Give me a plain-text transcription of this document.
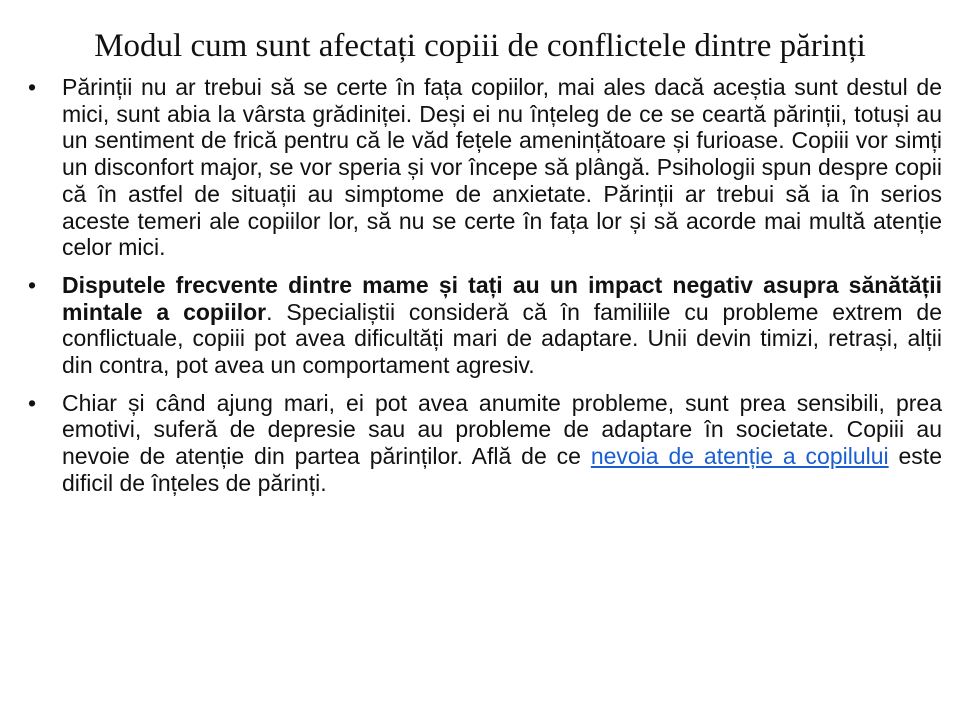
Modul cum sunt afectați copiii de conflictele dintre părinți
• Părinții nu ar trebui să se certe în fața copiilor, mai ales dacă aceștia sunt destul de mici, sunt abia la vârsta grădiniței. Deși ei nu înțeleg de ce se ceartă părinții, totuși au un sentiment de frică pentru că le văd fețele amenințătoare și furioase. Copiii vor simți un disconfort major, se vor speria și vor începe să plângă. Psihologii spun despre copii că în astfel de situații au simptome de anxietate. Părinții ar trebui să ia în serios aceste temeri ale copiilor lor, să nu se certe în fața lor și să acorde mai multă atenție celor mici.
• Disputele frecvente dintre mame și tați au un impact negativ asupra sănătății mintale a copiilor. Specialiștii consideră că în familiile cu probleme extrem de conflictuale, copiii pot avea dificultăți mari de adaptare. Unii devin timizi, retrași, alții din contra, pot avea un comportament agresiv.
• Chiar și când ajung mari, ei pot avea anumite probleme, sunt prea sensibili, prea emotivi, suferă de depresie sau au probleme de adaptare în societate. Copiii au nevoie de atenție din partea părinților. Află de ce nevoia de atenție a copilului este dificil de înțeles de părinți.
